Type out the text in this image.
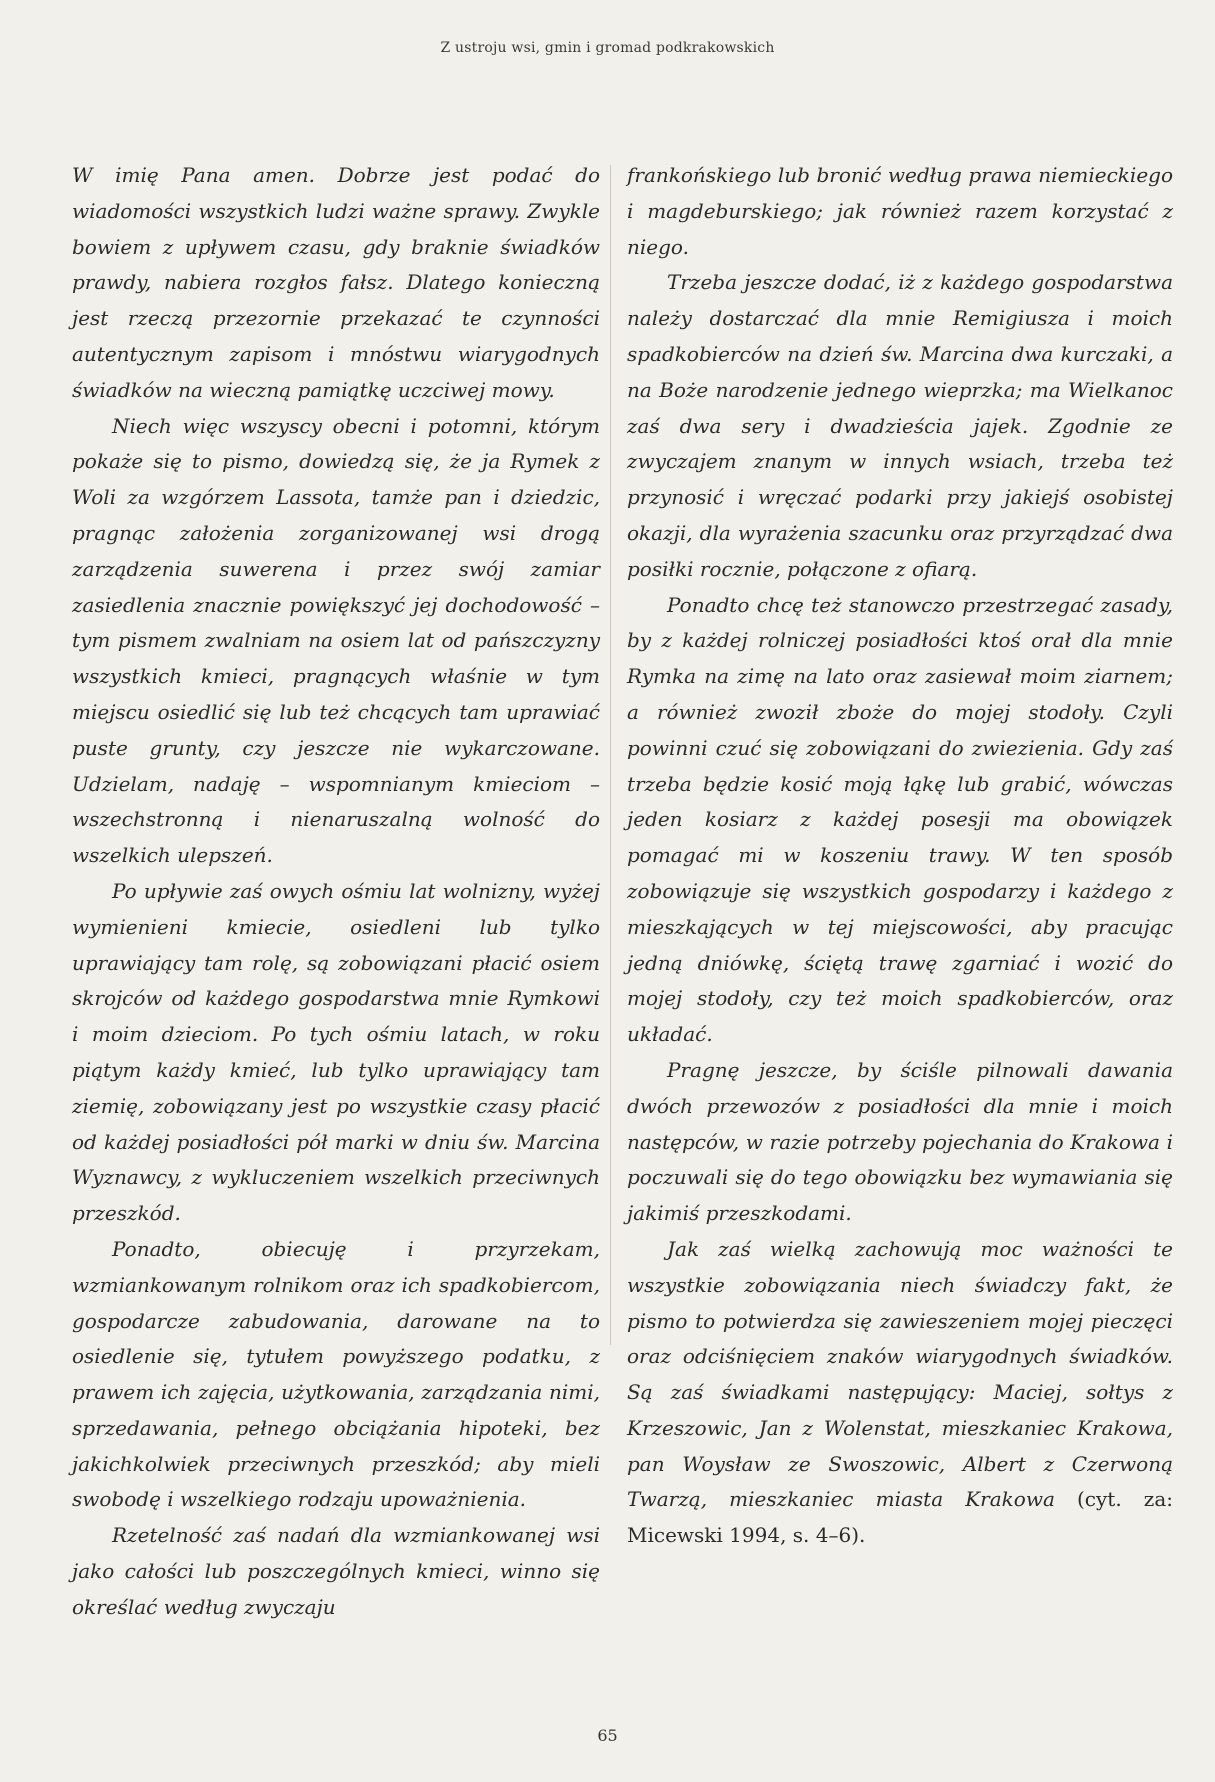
Z ustroju wsi, gmin i gromad podkrakowskich

W imię Pana amen. Dobrze jest podać do wiadomości wszystkich ludzi ważne sprawy. Zwykle bowiem z upływem czasu, gdy braknie świadków prawdy, nabiera rozgłos fałsz. Dlatego konieczną jest rzeczą przezornie przekazać te czynności autentycznym zapisom i mnóstwu wiarygodnych świadków na wieczną pamiątkę uczciwej mowy.

Niech więc wszyscy obecni i potomni, którym pokaże się to pismo, dowiedzą się, że ja Rymek z Woli za wzgórzem Lassota, tamże pan i dziedzic, pragnąc założenia zorganizowanej wsi drogą zarządzenia suwerena i przez swój zamiar zasiedlenia znacznie powiększyć jej dochodowość – tym pismem zwalniam na osiem lat od pańszczyzny wszystkich kmieci, pragnących właśnie w tym miejscu osiedlić się lub też chcących tam uprawiać puste grunty, czy jeszcze nie wykarczowane. Udzielam, nadaję – wspomnianym kmieciom – wszechstronną i nienaruszalną wolność do wszelkich ulepszeń.

Po upływie zaś owych ośmiu lat wolnizny, wyżej wymienieni kmiecie, osiedleni lub tylko uprawiający tam rolę, są zobowiązani płacić osiem skrojców od każdego gospodarstwa mnie Rymkowi i moim dzieciom. Po tych ośmiu latach, w roku piątym każdy kmieć, lub tylko uprawiający tam ziemię, zobowiązany jest po wszystkie czasy płacić od każdej posiadłości pół marki w dniu św. Marcina Wyznawcy, z wykluczeniem wszelkich przeciwnych przeszkód.

Ponadto, obiecuję i przyrzekam, wzmiankowanym rolnikom oraz ich spadkobiercom, gospodarcze zabudowania, darowane na to osiedlenie się, tytułem powyższego podatku, z prawem ich zajęcia, użytkowania, zarządzania nimi, sprzedawania, pełnego obciążania hipoteki, bez jakichkolwiek przeciwnych przeszkód; aby mieli swobodę i wszelkiego rodzaju upoważnienia.

Rzetelność zaś nadań dla wzmiankowanej wsi jako całości lub poszczególnych kmieci, winno się określać według zwyczaju

frankońskiego lub bronić według prawa niemieckiego i magdeburskiego; jak również razem korzystać z niego.

Trzeba jeszcze dodać, iż z każdego gospodarstwa należy dostarczać dla mnie Remigiusza i moich spadkobierców na dzień św. Marcina dwa kurczaki, a na Boże narodzenie jednego wieprzka; ma Wielkanoc zaś dwa sery i dwadzieścia jajek. Zgodnie ze zwyczajem znanym w innych wsiach, trzeba też przynosić i wręczać podarki przy jakiejś osobistej okazji, dla wyrażenia szacunku oraz przyrządzać dwa posiłki rocznie, połączone z ofiarą.

Ponadto chcę też stanowczo przestrzegać zasady, by z każdej rolniczej posiadłości ktoś orał dla mnie Rymka na zimę na lato oraz zasiewał moim ziarnem; a również zwoził zboże do mojej stodoły. Czyli powinni czuć się zobowiązani do zwiezienia. Gdy zaś trzeba będzie kosić moją łąkę lub grabić, wówczas jeden kosiarz z każdej posesji ma obowiązek pomagać mi w koszeniu trawy. W ten sposób zobowiązuje się wszystkich gospodarzy i każdego z mieszkających w tej miejscowości, aby pracując jedną dniówkę, ściętą trawę zgarniać i wozić do mojej stodoły, czy też moich spadkobierców, oraz układać.

Pragnę jeszcze, by ściśle pilnowali dawania dwóch przewozów z posiadłości dla mnie i moich następców, w razie potrzeby pojechania do Krakowa i poczuwali się do tego obowiązku bez wymawiania się jakimiś przeszkodami.

Jak zaś wielką zachowują moc ważności te wszystkie zobowiązania niech świadczy fakt, że pismo to potwierdza się zawieszeniem mojej pieczęci oraz odciśnięciem znaków wiarygodnych świadków. Są zaś świadkami następujący: Maciej, sołtys z Krzeszowic, Jan z Wolenstat, mieszkaniec Krakowa, pan Woysław ze Swoszowic, Albert z Czerwoną Twarzą, mieszkaniec miasta Krakowa (cyt. za: Micewski 1994, s. 4–6).

65
